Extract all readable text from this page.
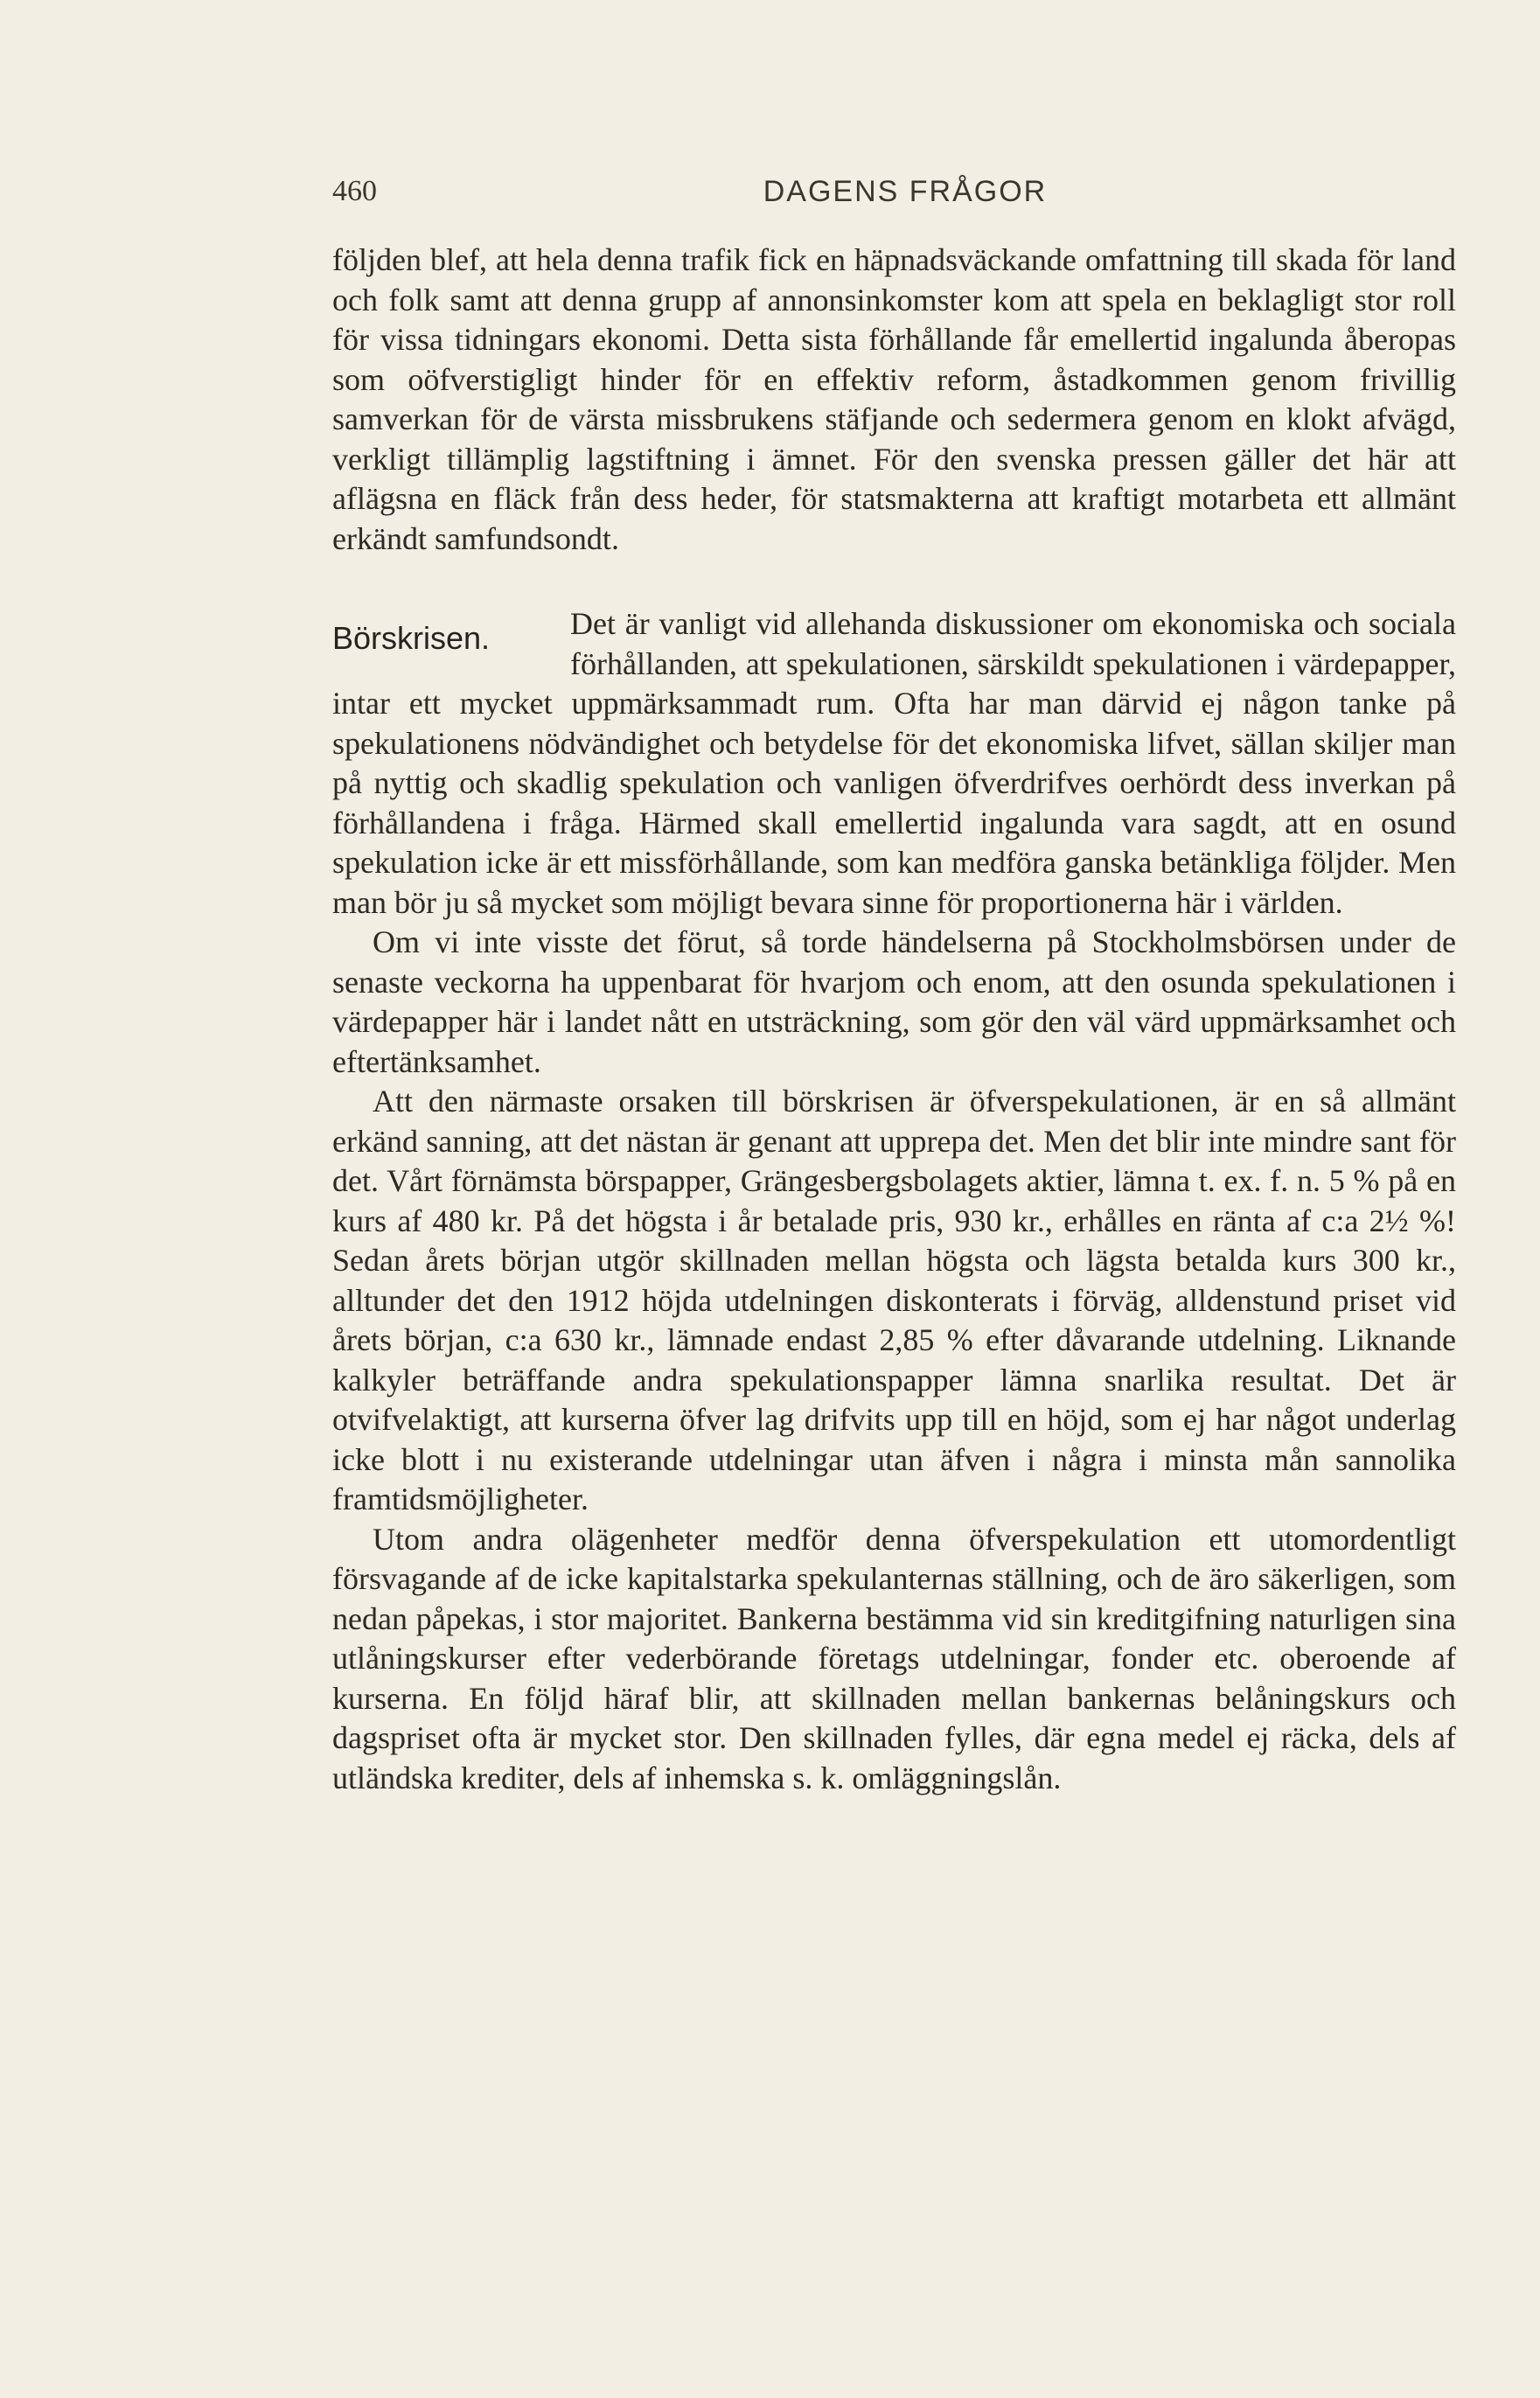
460	DAGENS FRÅGOR

följden blef, att hela denna trafik fick en häpnadsväckande omfattning till skada för land och folk samt att denna grupp af annonsinkomster kom att spela en beklagligt stor roll för vissa tidningars ekonomi. Detta sista förhållande får emellertid ingalunda åberopas som oöfverstigligt hinder för en effektiv reform, åstadkommen genom frivillig samverkan för de värsta missbrukens stäfjande och sedermera genom en klokt afvägd, verkligt tillämplig lagstiftning i ämnet. För den svenska pressen gäller det här att aflägsna en fläck från dess heder, för statsmakterna att kraftigt motarbeta ett allmänt erkändt samfundsondt.

Börskrisen.	Det är vanligt vid allehanda diskussioner om ekonomiska och sociala förhållanden, att spekulationen, särskildt spekulationen i värdepapper, intar ett mycket uppmärksammadt rum. Ofta har man därvid ej någon tanke på spekulationens nödvändighet och betydelse för det ekonomiska lifvet, sällan skiljer man på nyttig och skadlig spekulation och vanligen öfverdrifves oerhördt dess inverkan på förhållandena i fråga. Härmed skall emellertid ingalunda vara sagdt, att en osund spekulation icke är ett missförhållande, som kan medföra ganska betänkliga följder. Men man bör ju så mycket som möjligt bevara sinne för proportionerna här i världen.

Om vi inte visste det förut, så torde händelserna på Stockholmsbörsen under de senaste veckorna ha uppenbarat för hvarjom och enom, att den osunda spekulationen i värdepapper här i landet nått en utsträckning, som gör den väl värd uppmärksamhet och eftertänksamhet.

Att den närmaste orsaken till börskrisen är öfverspekulationen, är en så allmänt erkänd sanning, att det nästan är genant att upprepa det. Men det blir inte mindre sant för det. Vårt förnämsta börspapper, Grängesbergsbolagets aktier, lämna t. ex. f. n. 5 % på en kurs af 480 kr. På det högsta i år betalade pris, 930 kr., erhålles en ränta af c:a 2½ %! Sedan årets början utgör skillnaden mellan högsta och lägsta betalda kurs 300 kr., alltunder det den 1912 höjda utdelningen diskonterats i förväg, alldenstund priset vid årets början, c:a 630 kr., lämnade endast 2,85 % efter dåvarande utdelning. Liknande kalkyler beträffande andra spekulationspapper lämna snarlika resultat. Det är otvifvelaktigt, att kurserna öfver lag drifvits upp till en höjd, som ej har något underlag icke blott i nu existerande utdelningar utan äfven i några i minsta mån sannolika framtidsmöjligheter.

Utom andra olägenheter medför denna öfverspekulation ett utomordentligt försvagande af de icke kapitalstarka spekulanternas ställning, och de äro säkerligen, som nedan påpekas, i stor majoritet. Bankerna bestämma vid sin kreditgifning naturligen sina utlåningskurser efter vederbörande företags utdelningar, fonder etc. oberoende af kurserna. En följd häraf blir, att skillnaden mellan bankernas belåningskurs och dagspriset ofta är mycket stor. Den skillnaden fylles, där egna medel ej räcka, dels af utländska krediter, dels af inhemska s. k. omläggningslån.
